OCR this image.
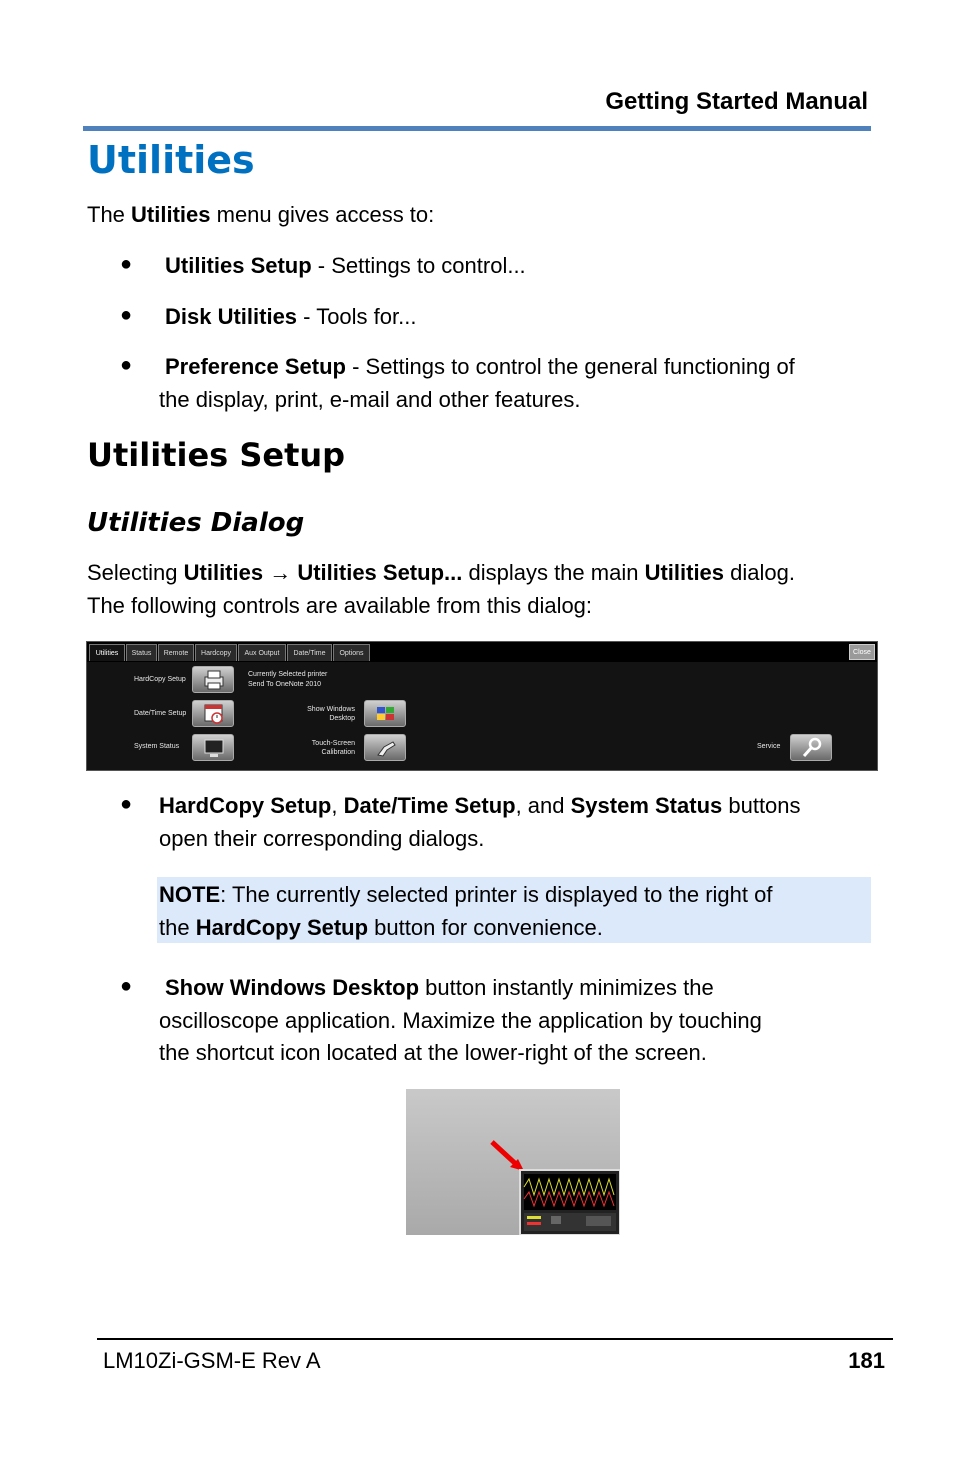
Getting Started Manual
Utilities
The Utilities menu gives access to:
● Utilities Setup - Settings to control...
● Disk Utilities - Tools for...
● Preference Setup - Settings to control the general functioning of
the display, print, e-mail and other features.
Utilities Setup
Utilities Dialog
Selecting Utilities → Utilities Setup... displays the main Utilities dialog.
The following controls are available from this dialog:
Utilities	Status	Remote	Hardcopy	Aux Output	Date/Time	Options	Close
HardCopy Setup
Currently Selected printer
Send To OneNote 2010
Date/Time Setup
Show Windows
Desktop
System Status	Touch-Screen
Calibration
Service
● HardCopy Setup, Date/Time Setup, and System Status buttons
open their corresponding dialogs.
NOTE: The currently selected printer is displayed to the right of
the HardCopy Setup button for convenience.
● Show Windows Desktop button instantly minimizes the
oscilloscope application. Maximize the application by touching
the shortcut icon located at the lower-right of the screen.
LM10Zi-GSM-E Rev A	181
